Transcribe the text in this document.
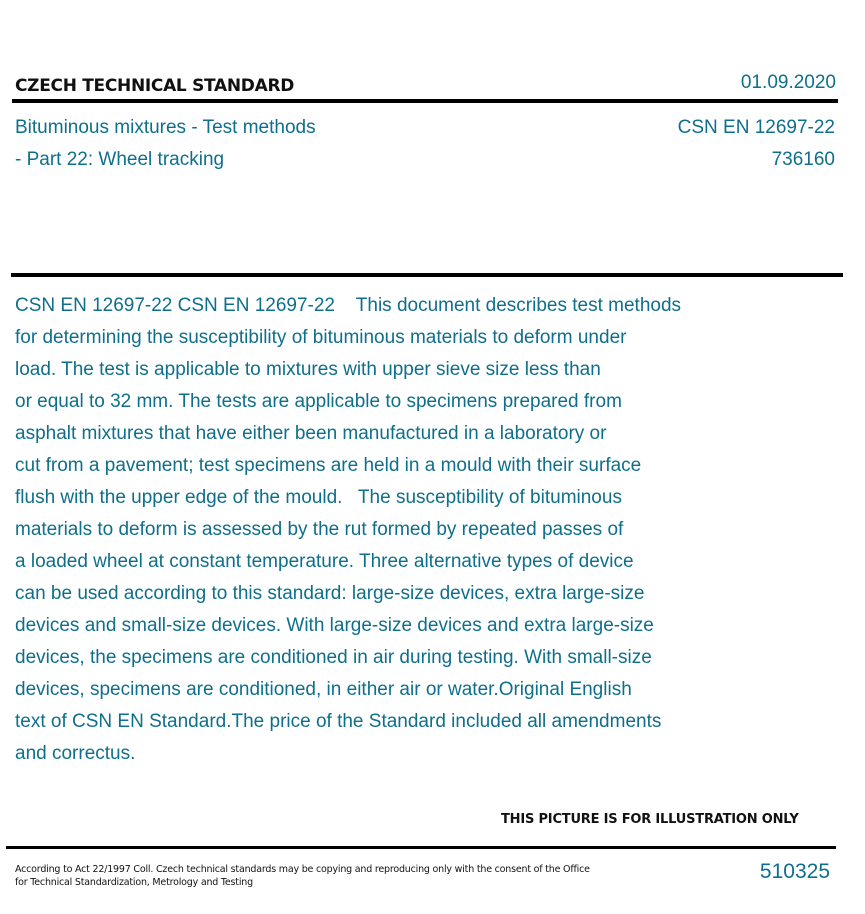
CZECH TECHNICAL STANDARD	01.09.2020
Bituminous mixtures - Test methods
- Part 22: Wheel tracking
CSN EN 12697-22
736160
CSN EN 12697-22 CSN EN 12697-22    This document describes test methods
for determining the susceptibility of bituminous materials to deform under
load. The test is applicable to mixtures with upper sieve size less than
or equal to 32 mm. The tests are applicable to specimens prepared from
asphalt mixtures that have either been manufactured in a laboratory or
cut from a pavement; test specimens are held in a mould with their surface
flush with the upper edge of the mould.   The susceptibility of bituminous
materials to deform is assessed by the rut formed by repeated passes of
a loaded wheel at constant temperature. Three alternative types of device
can be used according to this standard: large-size devices, extra large-size
devices and small-size devices. With large-size devices and extra large-size
devices, the specimens are conditioned in air during testing. With small-size
devices, specimens are conditioned, in either air or water.Original English
text of CSN EN Standard.The price of the Standard included all amendments
and correctus.
THIS PICTURE IS FOR ILLUSTRATION ONLY
According to Act 22/1997 Coll. Czech technical standards may be copying and reproducing only with the consent of the Office
for Technical Standardization, Metrology and Testing	510325
